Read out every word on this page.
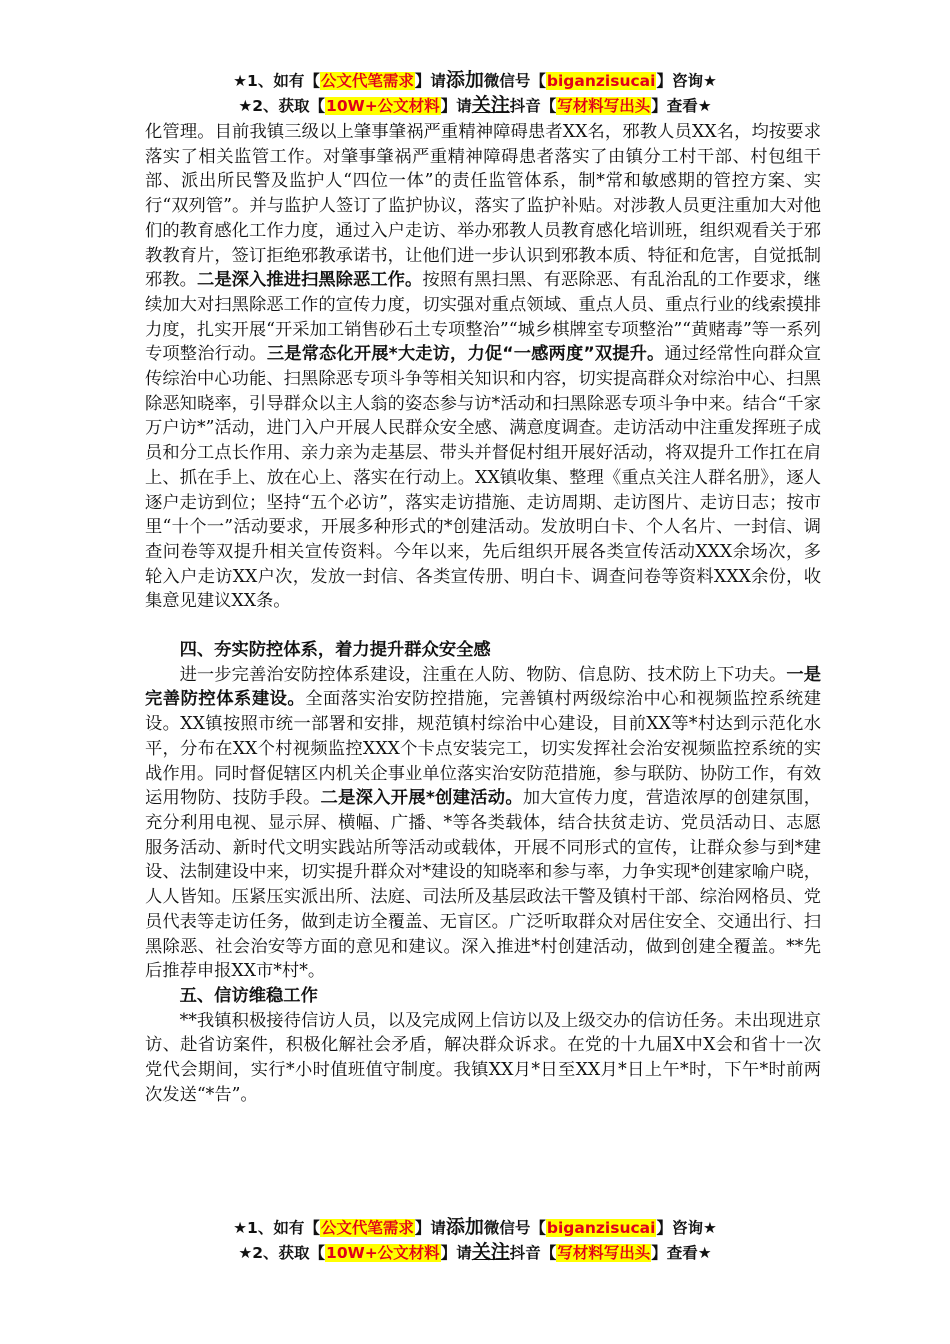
★1、如有【公文代笔需求】请添加微信号【biganzisucai】咨询★
★2、获取【10W+公文材料】请关注抖音【写材料写出头】查看★

化管理。目前我镇三级以上肇事肇祸严重精神障碍患者XX名，邪教人员XX名，均按要求落实了相关监管工作。对肇事肇祸严重精神障碍患者落实了由镇分工村干部、村包组干部、派出所民警及监护人“四位一体”的责任监管体系，制*常和敏感期的管控方案、实行“双列管”。并与监护人签订了监护协议，落实了监护补贴。对涉教人员更注重加大对他们的教育感化工作力度，通过入户走访、举办邪教人员教育感化培训班，组织观看关于邪教教育片，签订拒绝邪教承诺书，让他们进一步认识到邪教本质、特征和危害，自觉抵制邪教。二是深入推进扫黑除恶工作。按照有黑扫黑、有恶除恶、有乱治乱的工作要求，继续加大对扫黑除恶工作的宣传力度，切实强对重点领域、重点人员、重点行业的线索摸排力度，扎实开展“开采加工销售砂石土专项整治”“城乡棋牌室专项整治”“黄赌毒”等一系列专项整治行动。三是常态化开展*大走访，力促“一感两度”双提升。通过经常性向群众宣传综治中心功能、扫黑除恶专项斗争等相关知识和内容，切实提高群众对综治中心、扫黑除恶知晓率，引导群众以主人翁的姿态参与访*活动和扫黑除恶专项斗争中来。结合“千家万户访*”活动，进门入户开展人民群众安全感、满意度调查。走访活动中注重发挥班子成员和分工点长作用、亲力亲为走基层、带头并督促村组开展好活动，将双提升工作扛在肩上、抓在手上、放在心上、落实在行动上。XX镇收集、整理《重点关注人群名册》，逐人逐户走访到位；坚持“五个必访”，落实走访措施、走访周期、走访图片、走访日志；按市里“十个一”活动要求，开展多种形式的*创建活动。发放明白卡、个人名片、一封信、调查问卷等双提升相关宣传资料。今年以来，先后组织开展各类宣传活动XXX余场次，多轮入户走访XX户次，发放一封信、各类宣传册、明白卡、调查问卷等资料XXX余份，收集意见建议XX条。

四、夯实防控体系，着力提升群众安全感

进一步完善治安防控体系建设，注重在人防、物防、信息防、技术防上下功夫。一是完善防控体系建设。全面落实治安防控措施，完善镇村两级综治中心和视频监控系统建设。XX镇按照市统一部署和安排，规范镇村综治中心建设，目前XX等*村达到示范化水平，分布在XX个村视频监控XXX个卡点安装完工，切实发挥社会治安视频监控系统的实战作用。同时督促辖区内机关企事业单位落实治安防范措施，参与联防、协防工作，有效运用物防、技防手段。二是深入开展*创建活动。加大宣传力度，营造浓厚的创建氛围，充分利用电视、显示屏、横幅、广播、*等各类载体，结合扶贫走访、党员活动日、志愿服务活动、新时代文明实践站所等活动或载体，开展不同形式的宣传，让群众参与到*建设、法制建设中来，切实提升群众对*建设的知晓率和参与率，力争实现*创建家喻户晓，人人皆知。压紧压实派出所、法庭、司法所及基层政法干警及镇村干部、综治网格员、党员代表等走访任务，做到走访全覆盖、无盲区。广泛听取群众对居住安全、交通出行、扫黑除恶、社会治安等方面的意见和建议。深入推进*村创建活动，做到创建全覆盖。**先后推荐申报XX市*村*。

五、信访维稳工作

**我镇积极接待信访人员，以及完成网上信访以及上级交办的信访任务。未出现进京访、赴省访案件，积极化解社会矛盾，解决群众诉求。在党的十九届X中X会和省十一次党代会期间，实行*小时值班值守制度。我镇XX月*日至XX月*日上午*时，下午*时前两次发送“*告”。

★1、如有【公文代笔需求】请添加微信号【biganzisucai】咨询★
★2、获取【10W+公文材料】请关注抖音【写材料写出头】查看★
